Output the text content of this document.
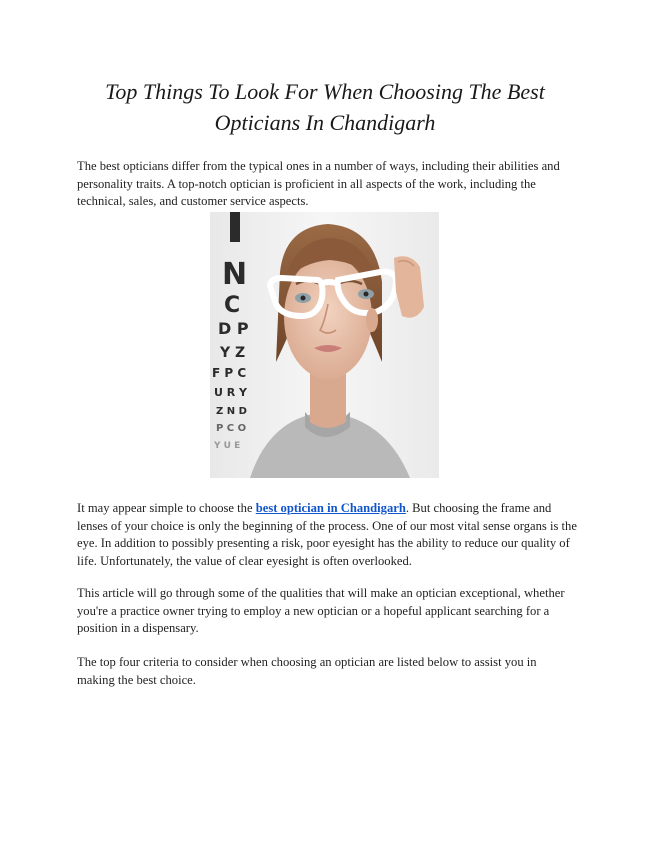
Top Things To Look For When Choosing The Best Opticians In Chandigarh

The best opticians differ from the typical ones in a number of ways, including their abilities and personality traits. A top-notch optician is proficient in all aspects of the work, including the technical, sales, and customer service aspects.

N
C
D P
Y Z
F P C
U R Y
Z N D
P C O
Y U E

It may appear simple to choose the best optician in Chandigarh. But choosing the frame and lenses of your choice is only the beginning of the process. One of our most vital sense organs is the eye. In addition to possibly presenting a risk, poor eyesight has the ability to reduce our quality of life. Unfortunately, the value of clear eyesight is often overlooked.

This article will go through some of the qualities that will make an optician exceptional, whether you're a practice owner trying to employ a new optician or a hopeful applicant searching for a position in a dispensary.

The top four criteria to consider when choosing an optician are listed below to assist you in making the best choice.
